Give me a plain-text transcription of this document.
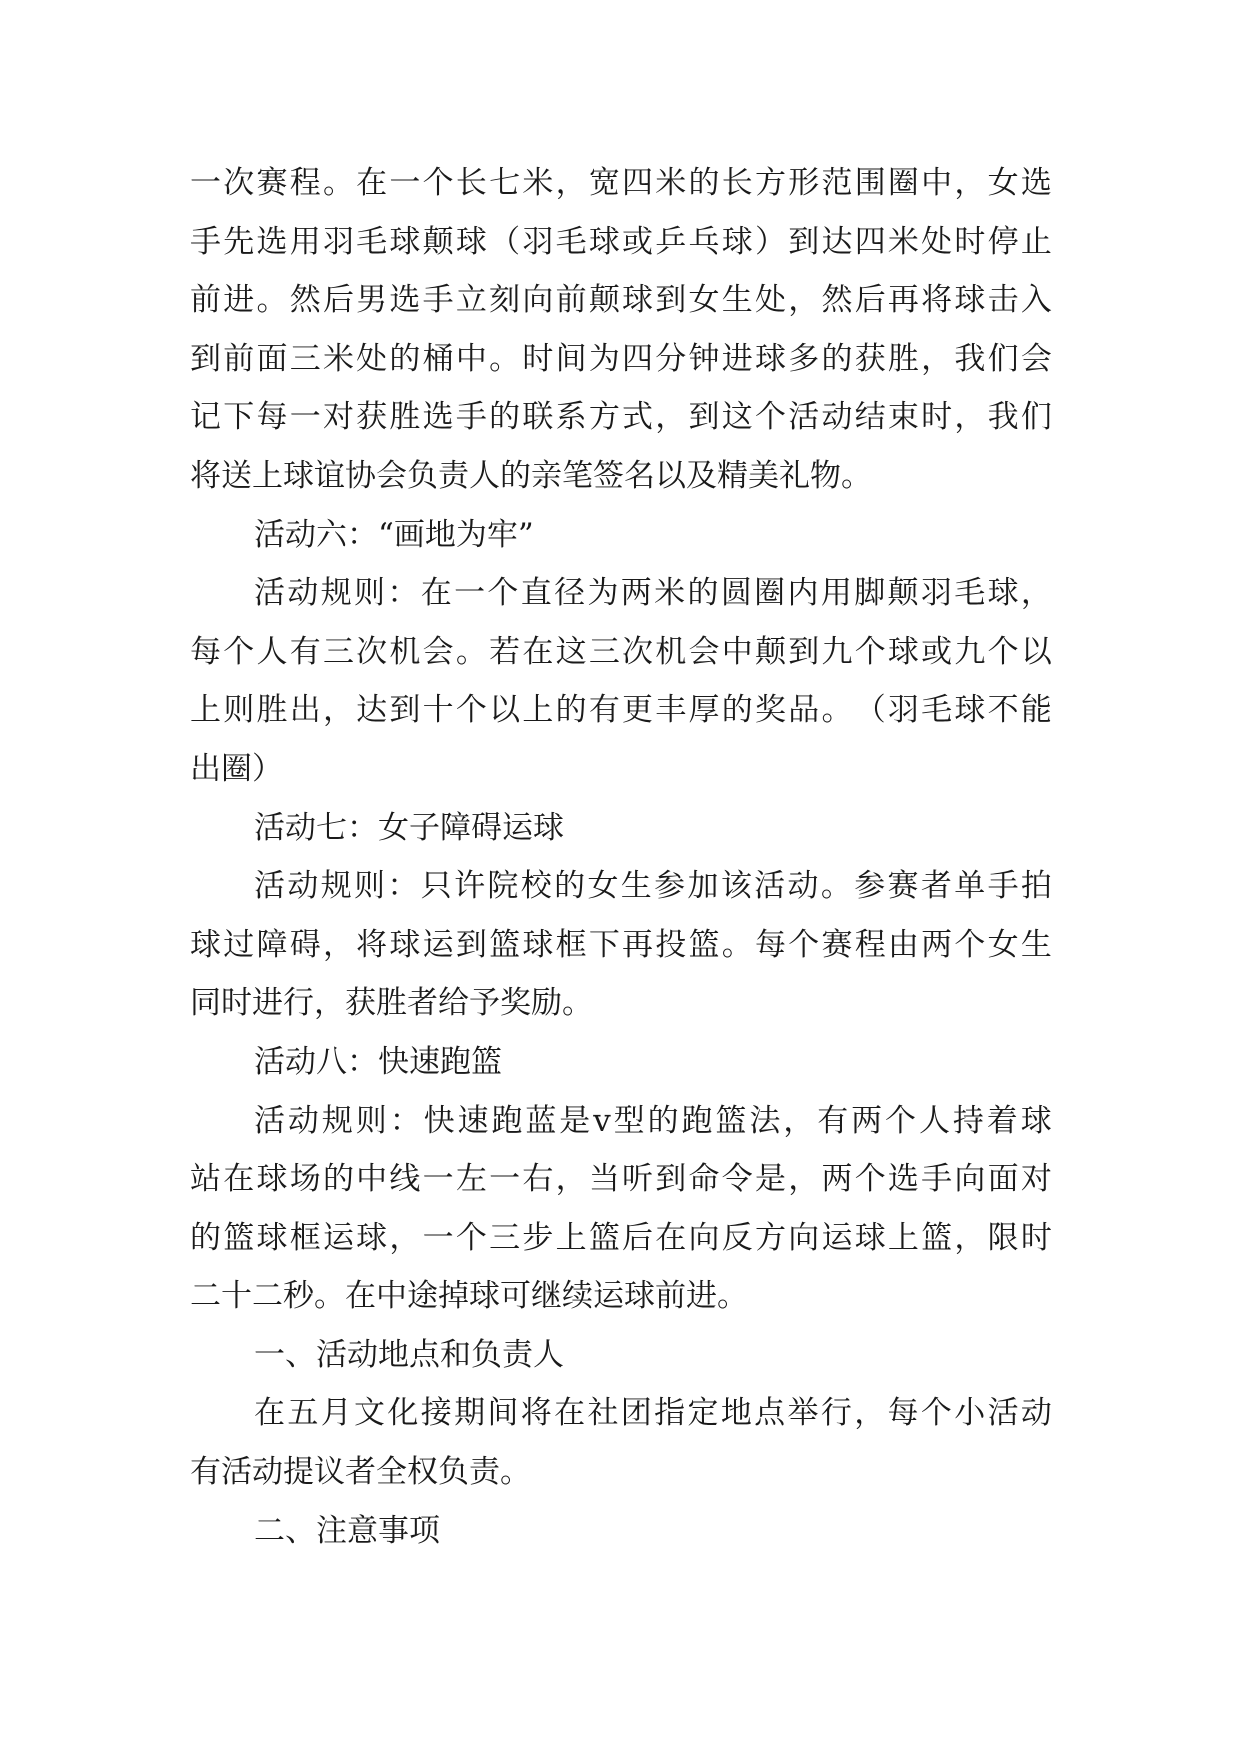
一 次 赛 程 。 在 一 个 长 七 米 ， 宽 四 米 的 长 方 形 范 围 圈 中 ， 女 选
手 先 选 用 羽 毛 球 颠 球 （ 羽 毛 球 或 乒 乓 球 ） 到 达 四 米 处 时 停 止
前 进 。 然 后 男 选 手 立 刻 向 前 颠 球 到 女 生 处 ， 然 后 再 将 球 击 入
到 前 面 三 米 处 的 桶 中 。 时 间 为 四 分 钟 进 球 多 的 获 胜 ， 我 们 会
记 下 每 一 对 获 胜 选 手 的 联 系 方 式 ， 到 这 个 活 动 结 束 时 ， 我 们
将送上球谊协会负责人的亲笔签名以及精美礼物。
活动六：“画地为牢”
活 动 规 则 ： 在 一 个 直 径 为 两 米 的 圆 圈 内 用 脚 颠 羽 毛 球 ，
每 个 人 有 三 次 机 会 。 若 在 这 三 次 机 会 中 颠 到 九 个 球 或 九 个 以
上 则 胜 出 ， 达 到 十 个 以 上 的 有 更 丰 厚 的 奖 品 。 （ 羽 毛 球 不 能
出圈）
活动七：女子障碍运球
活 动 规 则 ： 只 许 院 校 的 女 生 参 加 该 活 动 。 参 赛 者 单 手 拍
球 过 障 碍 ， 将 球 运 到 篮 球 框 下 再 投 篮 。 每 个 赛 程 由 两 个 女 生
同时进行，获胜者给予奖励。
活动八：快速跑篮
活 动 规 则 ： 快 速 跑 蓝 是 v 型 的 跑 篮 法 ， 有 两 个 人 持 着 球
站 在 球 场 的 中 线 一 左 一 右 ， 当 听 到 命 令 是 ， 两 个 选 手 向 面 对
的 篮 球 框 运 球 ， 一 个 三 步 上 篮 后 在 向 反 方 向 运 球 上 篮 ， 限 时
二十二秒。在中途掉球可继续运球前进。
一、活动地点和负责人
在 五 月 文 化 接 期 间 将 在 社 团 指 定 地 点 举 行 ， 每 个 小 活 动
有活动提议者全权负责。
二、注意事项
